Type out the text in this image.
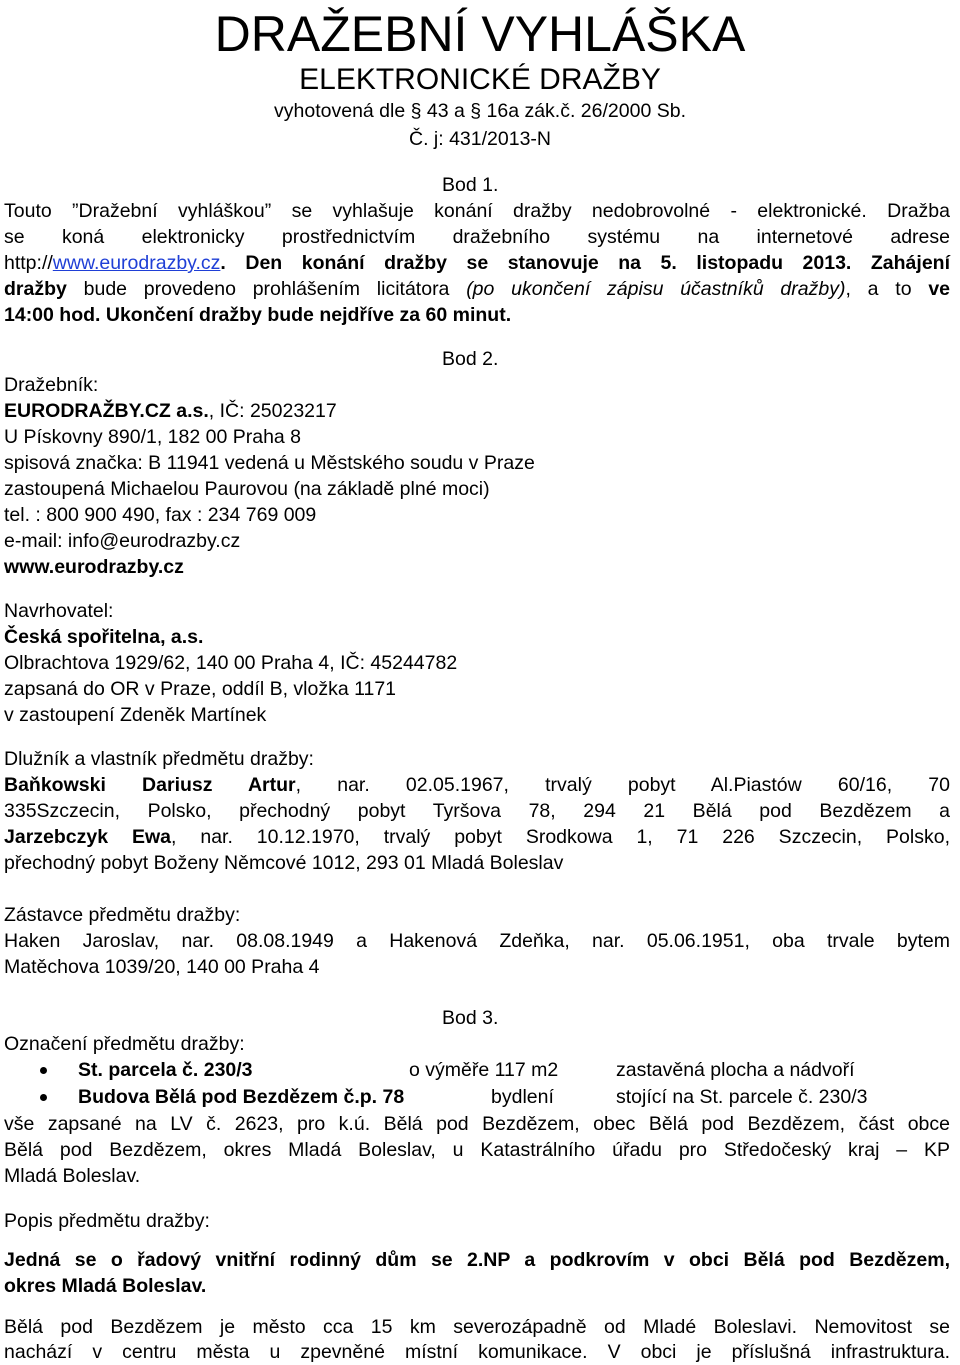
DRAŽEBNÍ VYHLÁŠKA
ELEKTRONICKÉ DRAŽBY
vyhotovená dle § 43 a § 16a zák.č. 26/2000 Sb.
Č. j: 431/2013-N
Bod 1.
Touto ”Dražební vyhláškou” se vyhlašuje konání dražby nedobrovolné - elektronické. Dražba
se koná elektronicky prostřednictvím dražebního systému na internetové adrese
http://www.eurodrazby.cz. Den konání dražby se stanovuje na 5. listopadu 2013. Zahájení
dražby bude provedeno prohlášením licitátora (po ukončení zápisu účastníků dražby), a to ve
14:00 hod. Ukončení dražby bude nejdříve za 60 minut.
Bod 2.
Dražebník:
EURODRAŽBY.CZ a.s., IČ: 25023217
U Pískovny 890/1, 182 00 Praha 8
spisová značka: B 11941 vedená u Městského soudu v Praze
zastoupená Michaelou Paurovou (na základě plné moci)
tel. : 800 900 490, fax : 234 769 009
e-mail: info@eurodrazby.cz
www.eurodrazby.cz
Navrhovatel:
Česká spořitelna, a.s.
Olbrachtova 1929/62, 140 00 Praha 4, IČ: 45244782
zapsaná do OR v Praze, oddíl B, vložka 1171
v zastoupení Zdeněk Martínek
Dlužník a vlastník předmětu dražby:
Baňkowski Dariusz Artur, nar. 02.05.1967, trvalý pobyt Al.Piastów 60/16, 70
335Szczecin, Polsko, přechodný pobyt Tyršova 78, 294 21 Bělá pod Bezdězem a
Jarzebczyk Ewa, nar. 10.12.1970, trvalý pobyt Srodkowa 1, 71 226 Szczecin, Polsko,
přechodný pobyt Boženy Němcové 1012, 293 01 Mladá Boleslav
Zástavce předmětu dražby:
Haken Jaroslav, nar. 08.08.1949 a Hakenová Zdeňka, nar. 05.06.1951, oba trvale bytem
Matěchova 1039/20, 140 00 Praha 4
Bod 3.
Označení předmětu dražby:
St. parcela č. 230/3	o výměře 117 m2	zastavěná plocha a nádvoří
Budova Bělá pod Bezdězem č.p. 78	bydlení	stojící na St. parcele č. 230/3
vše zapsané na LV č. 2623, pro k.ú. Bělá pod Bezdězem, obec Bělá pod Bezdězem, část obce
Bělá pod Bezdězem, okres Mladá Boleslav, u Katastrálního úřadu pro Středočeský kraj – KP
Mladá Boleslav.
Popis předmětu dražby:
Jedná se o řadový vnitřní rodinný dům se 2.NP a podkrovím v obci Bělá pod Bezdězem,
okres Mladá Boleslav.
Bělá pod Bezdězem je město cca 15 km severozápadně od Mladé Boleslavi. Nemovitost se
nachází v centru města u zpevněné místní komunikace. V obci je příslušná infrastruktura.
